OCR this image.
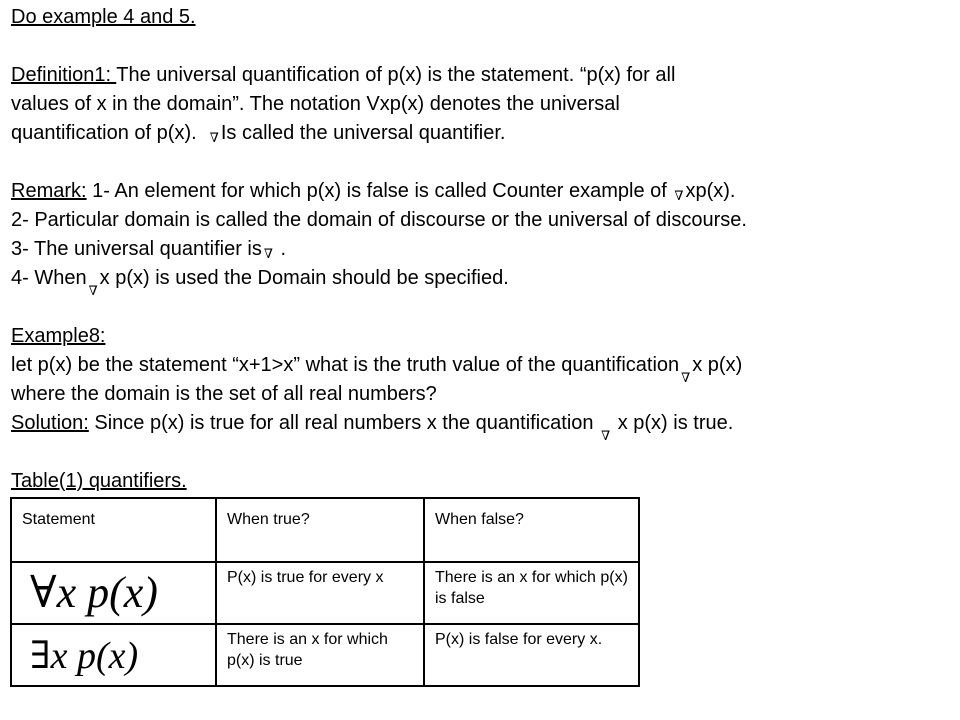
Do example 4 and 5.
Definition1: The universal quantification of p(x) is the statement. “p(x) for all
values of x in the domain”. The notation Vxp(x) denotes the universal
quantification of p(x). ∇ Is called the universal quantifier.
Remark: 1- An element for which p(x) is false is called Counter example of ∇ xp(x).
2- Particular domain is called the domain of discourse or the universal of discourse.
3- The universal quantifier is ∇ .
4- When∇x p(x) is used the Domain should be specified.
Example8:
let p(x) be the statement “x+1>x” what is the truth value of the quantification∇x p(x)
where the domain is the set of all real numbers?
Solution: Since p(x) is true for all real numbers x the quantification ∇ x p(x) is true.
Table(1) quantifiers.
Statement	When true?	When false?
∀x p(x)	P(x) is true for every x	There is an x for which p(x) is false
∃x p(x)	There is an x for which p(x) is true	P(x) is false for every x.
